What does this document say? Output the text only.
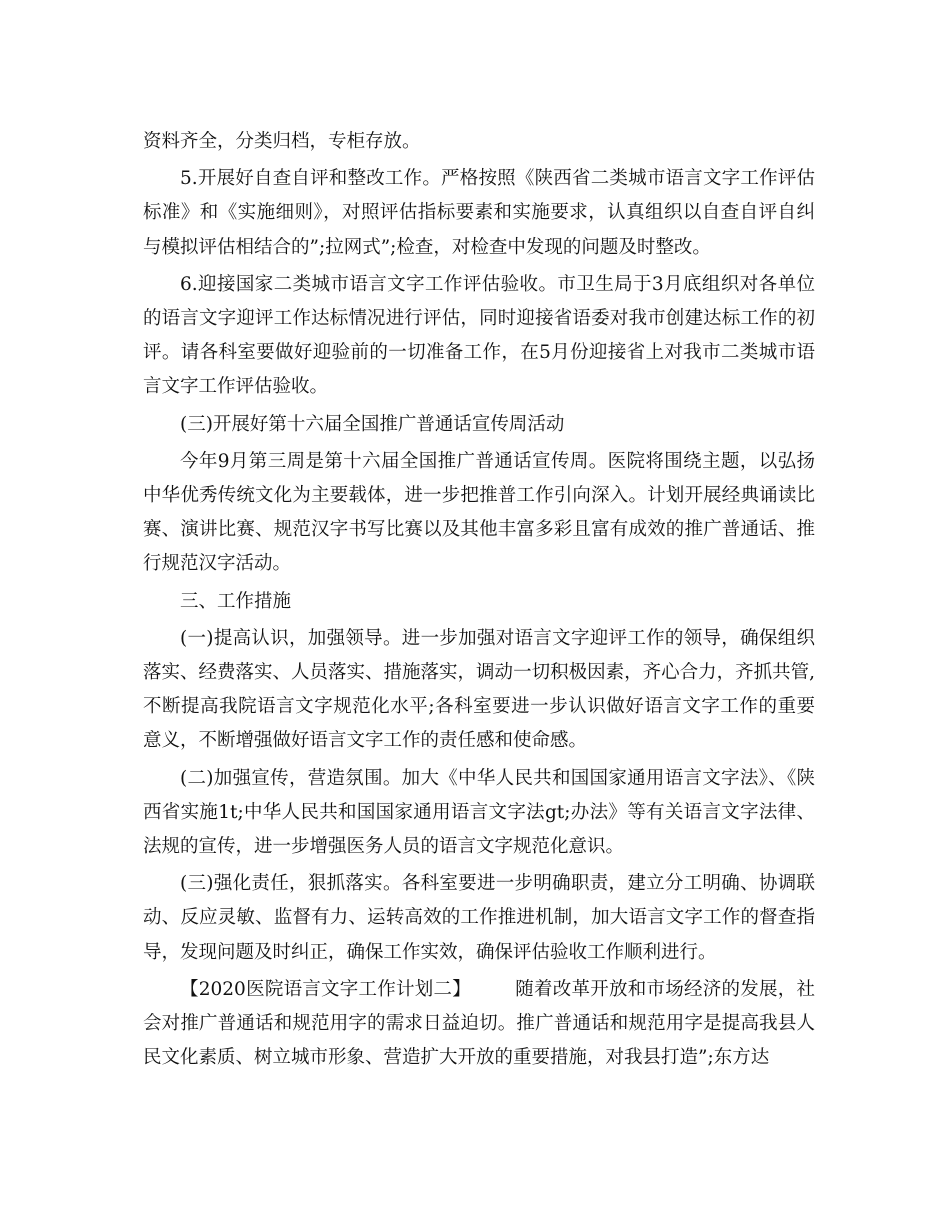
资料齐全，分类归档，专柜存放。

5.开展好自查自评和整改工作。严格按照《陕西省二类城市语言文字工作评估标准》和《实施细则》，对照评估指标要素和实施要求，认真组织以自查自评自纠与模拟评估相结合的”;拉网式”;检查，对检查中发现的问题及时整改。

6.迎接国家二类城市语言文字工作评估验收。市卫生局于3月底组织对各单位的语言文字迎评工作达标情况进行评估，同时迎接省语委对我市创建达标工作的初评。请各科室要做好迎验前的一切准备工作，在5月份迎接省上对我市二类城市语言文字工作评估验收。

(三)开展好第十六届全国推广普通话宣传周活动

今年9月第三周是第十六届全国推广普通话宣传周。医院将围绕主题，以弘扬中华优秀传统文化为主要载体，进一步把推普工作引向深入。计划开展经典诵读比赛、演讲比赛、规范汉字书写比赛以及其他丰富多彩且富有成效的推广普通话、推行规范汉字活动。

三、工作措施

(一)提高认识，加强领导。进一步加强对语言文字迎评工作的领导，确保组织落实、经费落实、人员落实、措施落实，调动一切积极因素，齐心合力，齐抓共管,不断提高我院语言文字规范化水平;各科室要进一步认识做好语言文字工作的重要意义，不断增强做好语言文字工作的责任感和使命感。

(二)加强宣传，营造氛围。加大《中华人民共和国国家通用语言文字法》、《陕西省实施1t;中华人民共和国国家通用语言文字法gt;办法》等有关语言文字法律、法规的宣传，进一步增强医务人员的语言文字规范化意识。

(三)强化责任，狠抓落实。各科室要进一步明确职责，建立分工明确、协调联动、反应灵敏、监督有力、运转高效的工作推进机制，加大语言文字工作的督查指导，发现问题及时纠正，确保工作实效，确保评估验收工作顺利进行。

【2020医院语言文字工作计划二】 随着改革开放和市场经济的发展，社会对推广普通话和规范用字的需求日益迫切。推广普通话和规范用字是提高我县人民文化素质、树立城市形象、营造扩大开放的重要措施，对我县打造”;东方达
